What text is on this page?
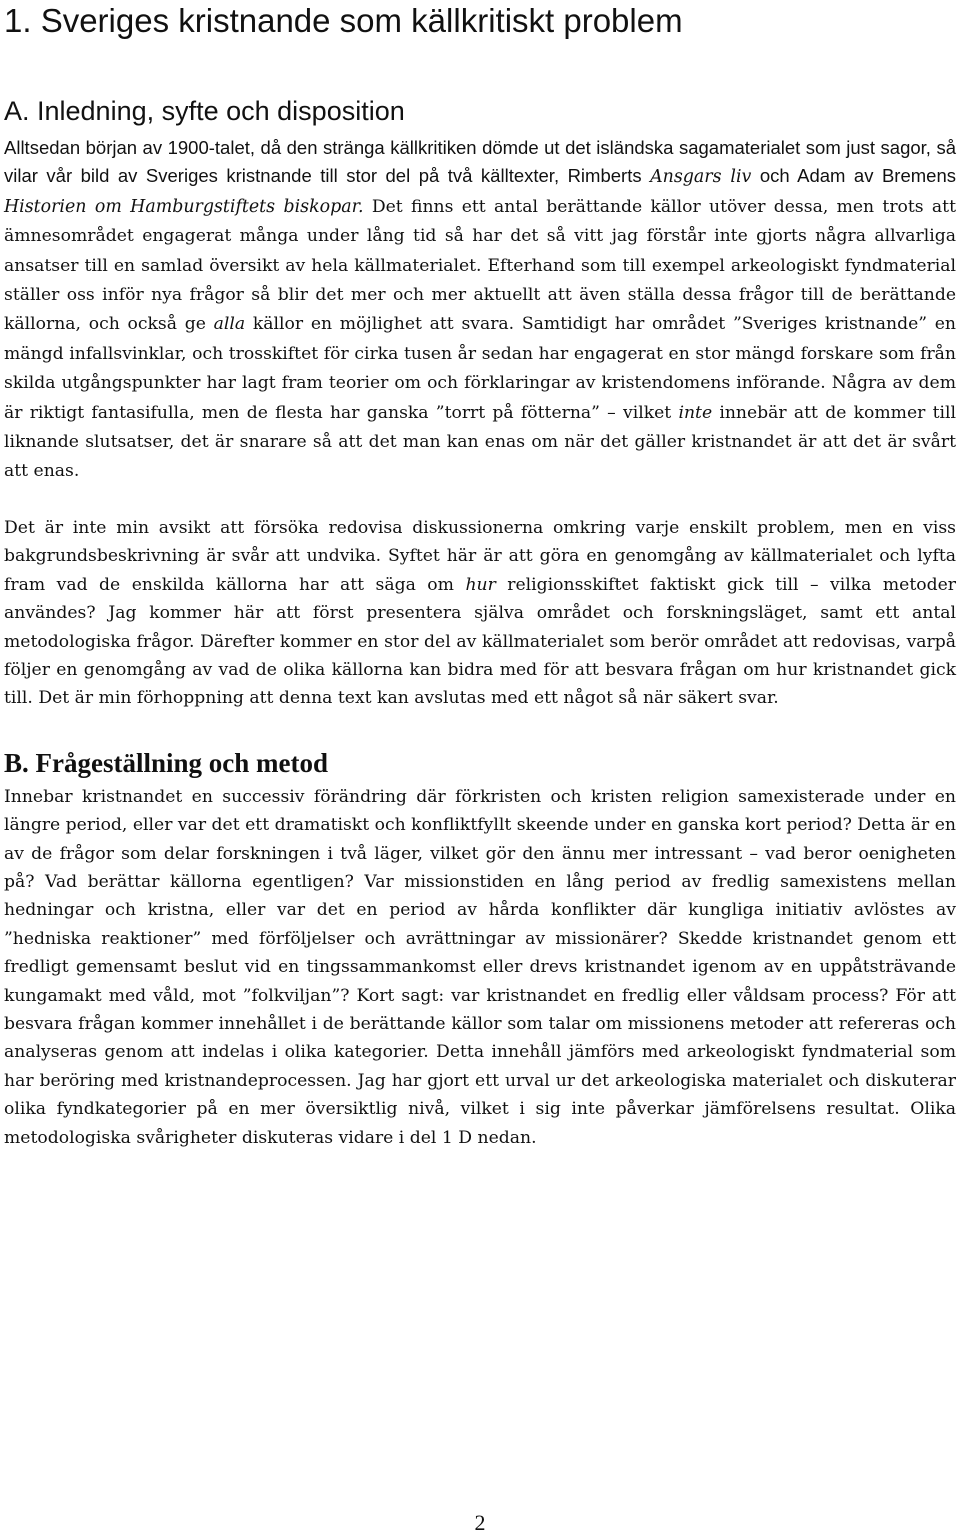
1. Sveriges kristnande som källkritiskt problem
A. Inledning, syfte och disposition

Alltsedan början av 1900-talet, då den stränga källkritiken dömde ut det isländska sagamaterialet som just sagor, så vilar vår bild av Sveriges kristnande till stor del på två källtexter, Rimberts Ansgars liv och Adam av Bremens Historien om Hamburgstiftets biskopar. Det finns ett antal berättande källor utöver dessa, men trots att ämnesområdet engagerat många under lång tid så har det så vitt jag förstår inte gjorts några allvarliga ansatser till en samlad översikt av hela källmaterialet. Efterhand som till exempel arkeologiskt fyndmaterial ställer oss inför nya frågor så blir det mer och mer aktuellt att även ställa dessa frågor till de berättande källorna, och också ge alla källor en möjlighet att svara. Samtidigt har området ”Sveriges kristnande” en mängd infallsvinklar, och trosskiftet för cirka tusen år sedan har engagerat en stor mängd forskare som från skilda utgångspunkter har lagt fram teorier om och förklaringar av kristendomens införande. Några av dem är riktigt fantasifulla, men de flesta har ganska ”torrt på fötterna” – vilket inte innebär att de kommer till liknande slutsatser, det är snarare så att det man kan enas om när det gäller kristnandet är att det är svårt att enas.

Det är inte min avsikt att försöka redovisa diskussionerna omkring varje enskilt problem, men en viss bakgrundsbeskrivning är svår att undvika. Syftet här är att göra en genomgång av källmaterialet och lyfta fram vad de enskilda källorna har att säga om hur religionsskiftet faktiskt gick till – vilka metoder användes? Jag kommer här att först presentera själva området och forskningsläget, samt ett antal metodologiska frågor. Därefter kommer en stor del av källmaterialet som berör området att redovisas, varpå följer en genomgång av vad de olika källorna kan bidra med för att besvara frågan om hur kristnandet gick till. Det är min förhoppning att denna text kan avslutas med ett något så när säkert svar.

B. Frågeställning och metod

Innebar kristnandet en successiv förändring där förkristen och kristen religion samexisterade under en längre period, eller var det ett dramatiskt och konfliktfyllt skeende under en ganska kort period? Detta är en av de frågor som delar forskningen i två läger, vilket gör den ännu mer intressant – vad beror oenigheten på? Vad berättar källorna egentligen? Var missionstiden en lång period av fredlig samexistens mellan hedningar och kristna, eller var det en period av hårda konflikter där kungliga initiativ avlöstes av ”hedniska reaktioner” med förföljelser och avrättningar av missionärer? Skedde kristnandet genom ett fredligt gemensamt beslut vid en tingssammankomst eller drevs kristnandet igenom av en uppåtsträvande kungamakt med våld, mot ”folkviljan”? Kort sagt: var kristnandet en fredlig eller våldsam process? För att besvara frågan kommer innehållet i de berättande källor som talar om missionens metoder att refereras och analyseras genom att indelas i olika kategorier. Detta innehåll jämförs med arkeologiskt fyndmaterial som har beröring med kristnandeprocessen. Jag har gjort ett urval ur det arkeologiska materialet och diskuterar olika fyndkategorier på en mer översiktlig nivå, vilket i sig inte påverkar jämförelsens resultat. Olika metodologiska svårigheter diskuteras vidare i del 1 D nedan.

2
